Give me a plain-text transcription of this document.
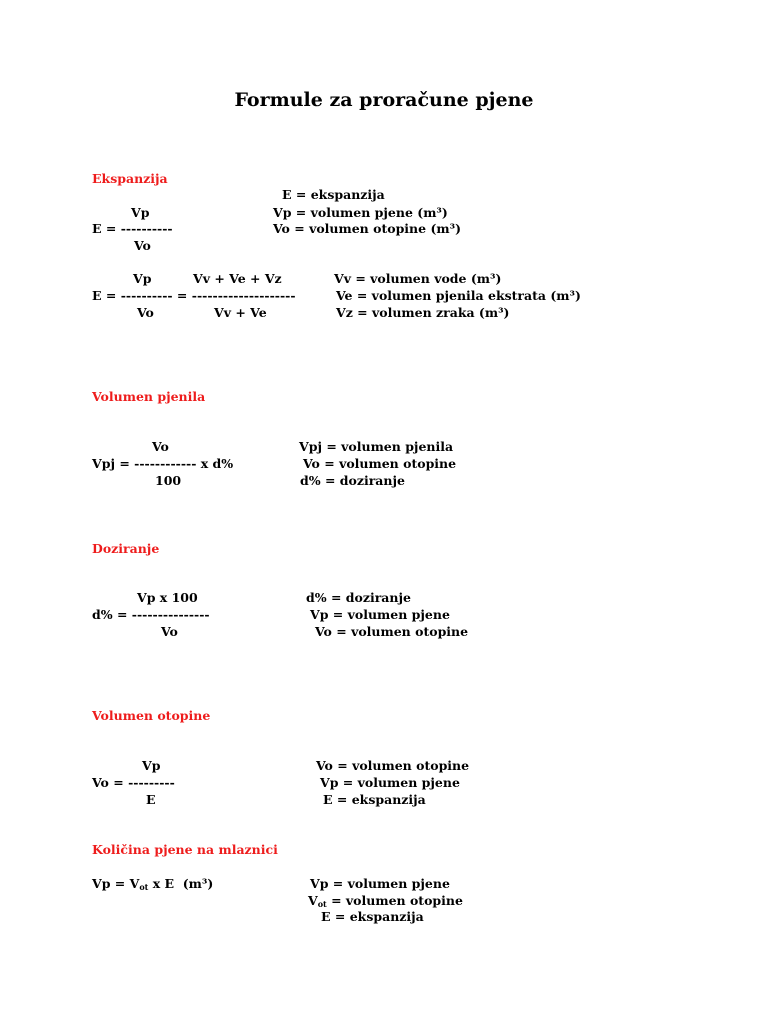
Formule za proračune pjene
Ekspanzija
E = ekspanzija
Vp	Vp = volumen pjene (m³)
E = ----------	Vo = volumen otopine (m³)
Vo
Vp	Vv + Ve + Vz	Vv = volumen vode (m³)
E = ---------- = --------------------	Ve = volumen pjenila ekstrata (m³)
Vo	Vv + Ve	Vz = volumen zraka (m³)
Volumen pjenila
Vo	Vpj = volumen pjenila
Vpj = ------------ x d%	Vo = volumen otopine
100	d% = doziranje
Doziranje
Vp x 100	d% = doziranje
d% = ---------------	Vp = volumen pjene
Vo	Vo = volumen otopine
Volumen otopine
Vp	Vo = volumen otopine
Vo = ---------	Vp = volumen pjene
E	E = ekspanzija
Količina pjene na mlaznici
$Vp = V_{ot}$ x E  (m³)	Vp = volumen pjene
$V_{ot}$ = volumen otopine
E = ekspanzija
